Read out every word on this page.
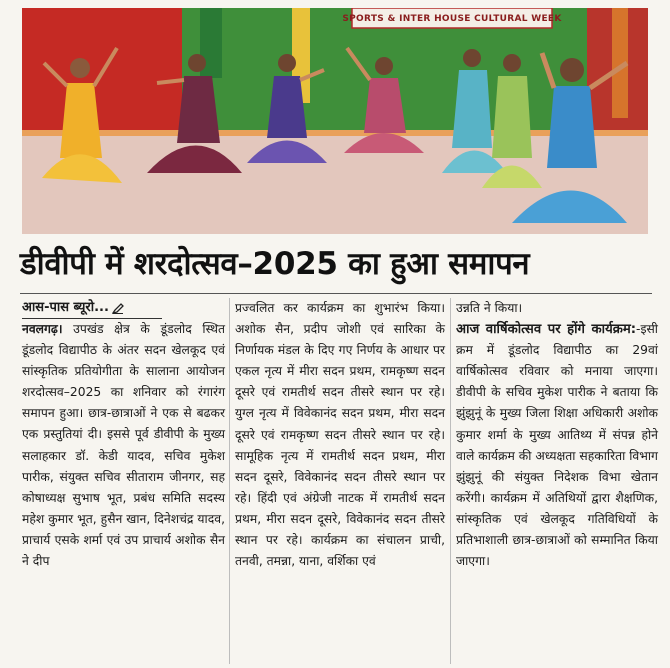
SPORTS & INTER HOUSE CULTURAL WEEK
डीवीपी में शरदोत्सव–2025 का हुआ समापन
आस-पास ब्यूरो...

नवलगढ़। उपखंड क्षेत्र के डूंडलोद स्थित डूंडलोद विद्यापीठ के अंतर सदन खेलकूद एवं सांस्कृतिक प्रतियोगीता के सालाना आयोजन शरदोत्सव–2025 का शनिवार को रंगारंग समापन हुआ। छात्र-छात्राओं ने एक से बढकर एक प्रस्तुतियां दी। इससे पूर्व डीवीपी के मुख्य सलाहकार डॉ. केडी यादव, सचिव मुकेश पारीक, संयुक्त सचिव सीताराम जीनगर, सह कोषाध्यक्ष सुभाष भूत, प्रबंध समिति सदस्य महेश कुमार भूत, हुसैन खान, दिनेशचंद्र यादव, प्राचार्य एसके शर्मा एवं उप प्राचार्य अशोक सैन ने दीप

प्रज्वलित कर कार्यक्रम का शुभारंभ किया। अशोक सैन, प्रदीप जोशी एवं सारिका के निर्णायक मंडल के दिए गए निर्णय के आधार पर एकल नृत्य में मीरा सदन प्रथम, रामकृष्ण सदन दूसरे एवं रामतीर्थ सदन तीसरे स्थान पर रहे। युग्ल नृत्य में विवेकानंद सदन प्रथम, मीरा सदन दूसरे एवं रामकृष्ण सदन तीसरे स्थान पर रहे। सामूहिक नृत्य में रामतीर्थ सदन प्रथम, मीरा सदन दूसरे, विवेकानंद सदन तीसरे स्थान पर रहे। हिंदी एवं अंग्रेजी नाटक में रामतीर्थ सदन प्रथम, मीरा सदन दूसरे, विवेकानंद सदन तीसरे स्थान पर रहे। कार्यक्रम का संचालन प्राची, तनवी, तमन्ना, याना, वर्शिका एवं

उन्नति ने किया।

आज वार्षिकोत्सव पर होंगे कार्यक्रम:-इसी क्रम में डूंडलोद विद्यापीठ का 29वां वार्षिकोत्सव रविवार को मनाया जाएगा। डीवीपी के सचिव मुकेश पारीक ने बताया कि झुंझुनूं के मुख्य जिला शिक्षा अधिकारी अशोक कुमार शर्मा के मुख्य आतिथ्य में संपन्न होने वाले कार्यक्रम की अध्यक्षता सहकारिता विभाग झुंझुनूं की संयुक्त निदेशक विभा खेतान करेंगी। कार्यक्रम में अतिथियों द्वारा शैक्षणिक, सांस्कृतिक एवं खेलकूद गतिविधियों के प्रतिभाशाली छात्र-छात्राओं को सम्मानित किया जाएगा।
